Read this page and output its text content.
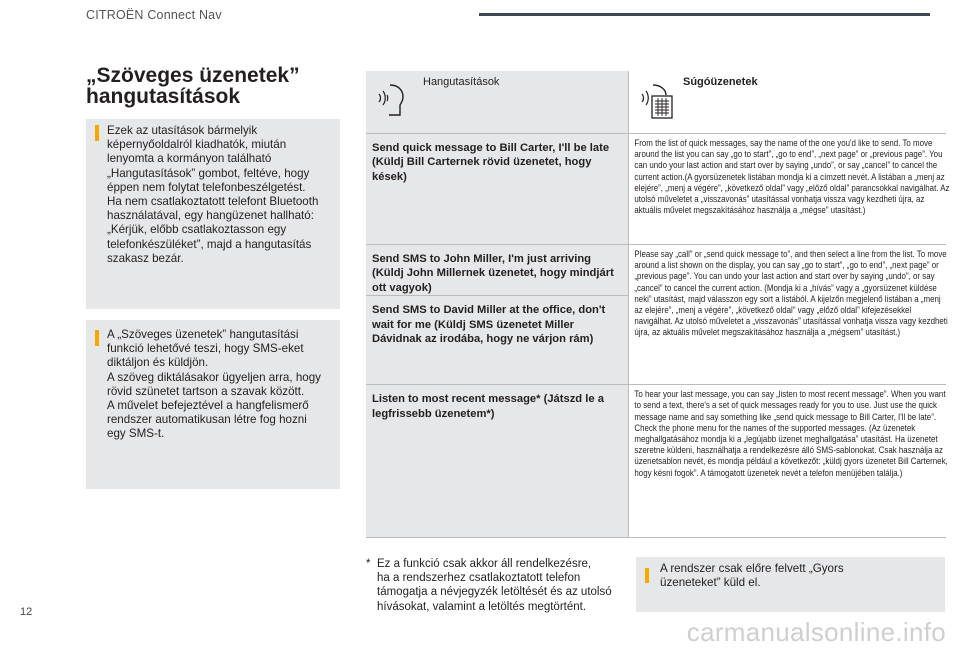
CITROËN Connect Nav
„Szöveges üzenetek”
hangutasítások
Ezek az utasítások bármelyik
képernyőoldalról kiadhatók, miután
lenyomta a kormányon található
„Hangutasítások” gombot, feltéve, hogy
éppen nem folytat telefonbeszélgetést.
Ha nem csatlakoztatott telefont Bluetooth
használatával, egy hangüzenet hallható:
„Kérjük, előbb csatlakoztasson egy
telefonkészüléket”, majd a hangutasítás
szakasz bezár.
A „Szöveges üzenetek” hangutasítási
funkció lehetővé teszi, hogy SMS-eket
diktáljon és küldjön.
A szöveg diktálásakor ügyeljen arra, hogy
rövid szünetet tartson a szavak között.
A művelet befejeztével a hangfelismerő
rendszer automatikusan létre fog hozni
egy SMS-t.
Hangutasítások	Súgóüzenetek

Send quick message to Bill Carter, I'll be late (Küldj Bill Carternek rövid üzenetet, hogy kések)	From the list of quick messages, say the name of the one you'd like to send. To move around the list you can say „go to start”, „go to end”, „next page” or „previous page”. You can undo your last action and start over by saying „undo”, or say „cancel” to cancel the current action.(A gyorsüzenetek listában mondja ki a címzett nevét. A listában a „menj az elejére”, „menj a végére”, „következő oldal” vagy „előző oldal” parancsokkal navigálhat. Az utolsó műveletet a „visszavonás” utasítással vonhatja vissza vagy kezdheti újra, az aktuális művelet megszakításához használja a „mégse” utasítást.)

Send SMS to John Miller, I'm just arriving (Küldj John Millernek üzenetet, hogy mindjárt ott vagyok)	Please say „call” or „send quick message to”, and then select a line from the list. To move around a list shown on the display, you can say „go to start”, „go to end”, „next page” or „previous page”. You can undo your last action and start over by saying „undo”, or say „cancel” to cancel the current action. (Mondja ki a „hívás” vagy a „gyorsüzenet küldése neki” utasítást, majd válasszon egy sort a listából. A kijelzőn megjelenő listában a „menj az elejére”, „menj a végére”, „következő oldal” vagy „előző oldal” kifejezésekkel navigálhat. Az utolsó műveletet a „visszavonás” utasítással vonhatja vissza vagy kezdheti újra, az aktuális művelet megszakításához használja a „mégsem” utasítást.)

Send SMS to David Miller at the office, don't wait for me (Küldj SMS üzenetet Miller Dávidnak az irodába, hogy ne várjon rám)	

Listen to most recent message* (Játszd le a legfrissebb üzenetem*)	To hear your last message, you can say „listen to most recent message”. When you want to send a text, there's a set of quick messages ready for you to use. Just use the quick message name and say something like „send quick message to Bill Carter, I'll be late”. Check the phone menu for the names of the supported messages. (Az üzenetek meghallgatásához mondja ki a „legújabb üzenet meghallgatása” utasítást. Ha üzenetet szeretne küldeni, használhatja a rendelkezésre álló SMS-sablonokat. Csak használja az üzenetsablon nevét, és mondja például a következőt: „küldj gyors üzenetet Bill Carternek, hogy késni fogok”. A támogatott üzenetek nevét a telefon menüjében találja.)
* Ez a funkció csak akkor áll rendelkezésre,
ha a rendszerhez csatlakoztatott telefon
támogatja a névjegyzék letöltését és az utolsó
hívásokat, valamint a letöltés megtörtént.
A rendszer csak előre felvett „Gyors
üzeneteket” küld el.
12
carmanualsonline.info
